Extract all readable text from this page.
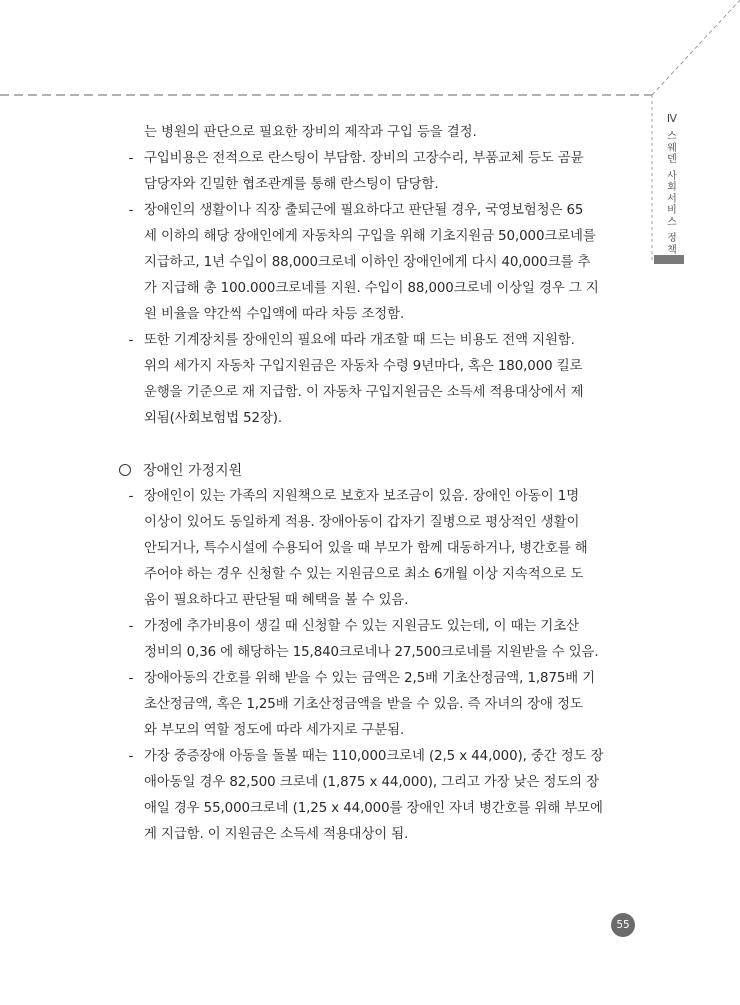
Ⅳ
스
웨
덴
사
회
서
비
스
정
책
는 병원의 판단으로 필요한 장비의 제작과 구입 등을 결정.
- 구입비용은 전적으로 란스팅이 부담함. 장비의 고장수리, 부품교체 등도 곰뮨
담당자와 긴밀한 협조관계를 통해 란스팅이 담당함.
- 장애인의 생활이나 직장 출퇴근에 필요하다고 판단될 경우, 국영보험청은 65
세 이하의 해당 장애인에게 자동차의 구입을 위해 기초지원금 50,000크로네를
지급하고, 1년 수입이 88,000크로네 이하인 장애인에게 다시 40,000크를 추
가 지급해 총 100.000크로네를 지원. 수입이 88,000크로네 이상일 경우 그 지
원 비율을 약간씩 수입액에 따라 차등 조정함.
- 또한 기계장치를 장애인의 필요에 따라 개조할 때 드는 비용도 전액 지원함.
위의 세가지 자동차 구입지원금은 자동차 수령 9년마다, 혹은 180,000 킬로
운행을 기준으로 재 지급함. 이 자동차 구입지원금은 소득세 적용대상에서 제
외됨(사회보험법 52장).
장애인 가정지원
- 장애인이 있는 가족의 지원책으로 보호자 보조금이 있음. 장애인 아동이 1명
이상이 있어도 동일하게 적용. 장애아동이 갑자기 질병으로 평상적인 생활이
안되거나, 특수시설에 수용되어 있을 때 부모가 함께 대동하거나, 병간호를 해
주어야 하는 경우 신청할 수 있는 지원금으로 최소 6개월 이상 지속적으로 도
움이 필요하다고 판단될 때 혜택을 볼 수 있음.
- 가정에 추가비용이 생길 때 신청할 수 있는 지원금도 있는데, 이 때는 기초산
정비의 0,36 에 해당하는 15,840크로네나 27,500크로네를 지원받을 수 있음.
- 장애아동의 간호를 위해 받을 수 있는 금액은 2,5배 기초산정금액, 1,875배 기
초산정금액, 혹은 1,25배 기초산정금액을 받을 수 있음. 즉 자녀의 장애 정도
와 부모의 역할 정도에 따라 세가지로 구분됨.
- 가장 중증장애 아동을 돌볼 때는 110,000크로네 (2,5 x 44,000), 중간 정도 장
애아동일 경우 82,500 크로네 (1,875 x 44,000), 그리고 가장 낮은 정도의 장
애일 경우 55,000크로네 (1,25 x 44,000를 장애인 자녀 병간호를 위해 부모에
게 지급함. 이 지원금은 소득세 적용대상이 됨.
55
